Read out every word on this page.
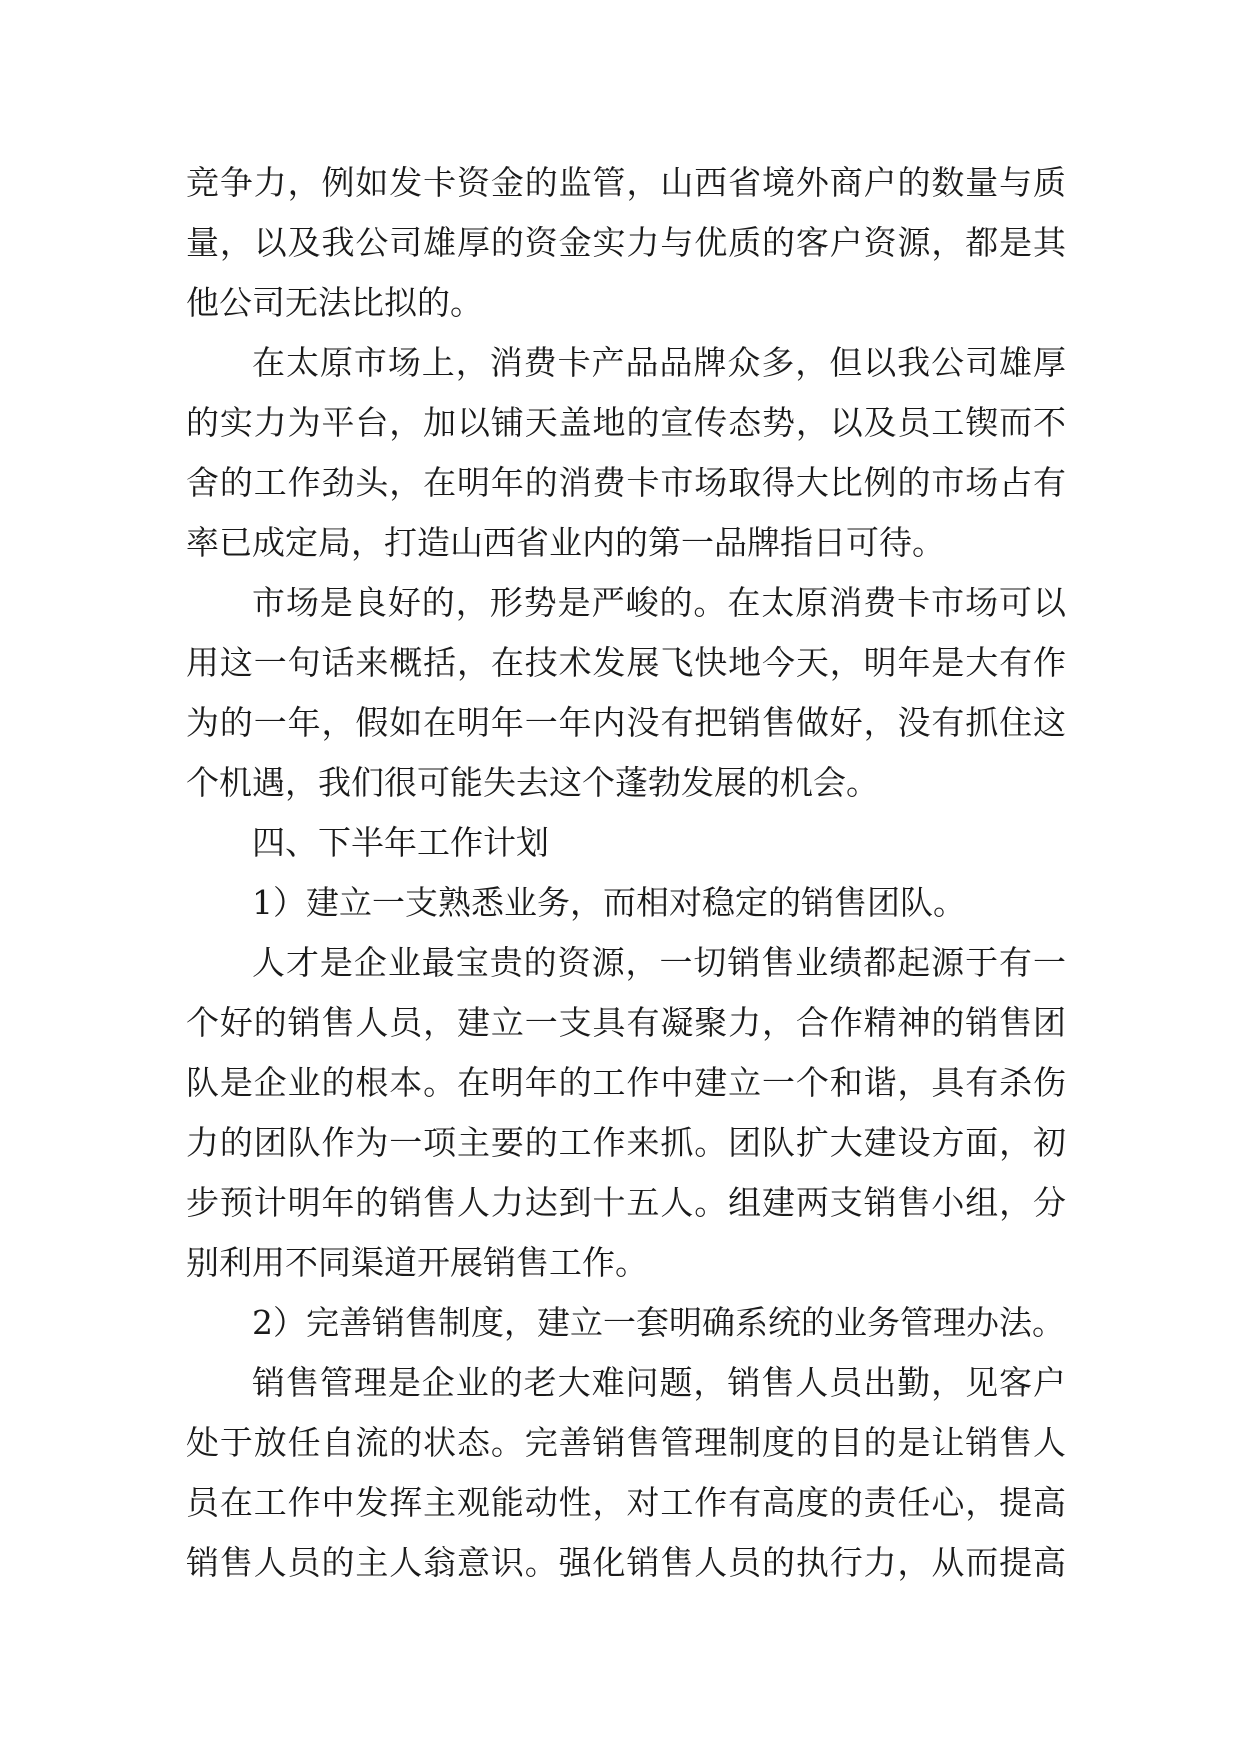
竞争力，例如发卡资金的监管，山西省境外商户的数量与质
量，以及我公司雄厚的资金实力与优质的客户资源，都是其
他公司无法比拟的。
在太原市场上，消费卡产品品牌众多，但以我公司雄厚
的实力为平台，加以铺天盖地的宣传态势，以及员工锲而不
舍的工作劲头，在明年的消费卡市场取得大比例的市场占有
率已成定局，打造山西省业内的第一品牌指日可待。
市场是良好的，形势是严峻的。在太原消费卡市场可以
用这一句话来概括，在技术发展飞快地今天，明年是大有作
为的一年，假如在明年一年内没有把销售做好，没有抓住这
个机遇，我们很可能失去这个蓬勃发展的机会。
四、下半年工作计划
1）建立一支熟悉业务，而相对稳定的销售团队。
人才是企业最宝贵的资源，一切销售业绩都起源于有一
个好的销售人员，建立一支具有凝聚力，合作精神的销售团
队是企业的根本。在明年的工作中建立一个和谐，具有杀伤
力的团队作为一项主要的工作来抓。团队扩大建设方面，初
步预计明年的销售人力达到十五人。组建两支销售小组，分
别利用不同渠道开展销售工作。
2）完善销售制度，建立一套明确系统的业务管理办法。
销售管理是企业的老大难问题，销售人员出勤，见客户
处于放任自流的状态。完善销售管理制度的目的是让销售人
员在工作中发挥主观能动性，对工作有高度的责任心，提高
销售人员的主人翁意识。强化销售人员的执行力，从而提高
